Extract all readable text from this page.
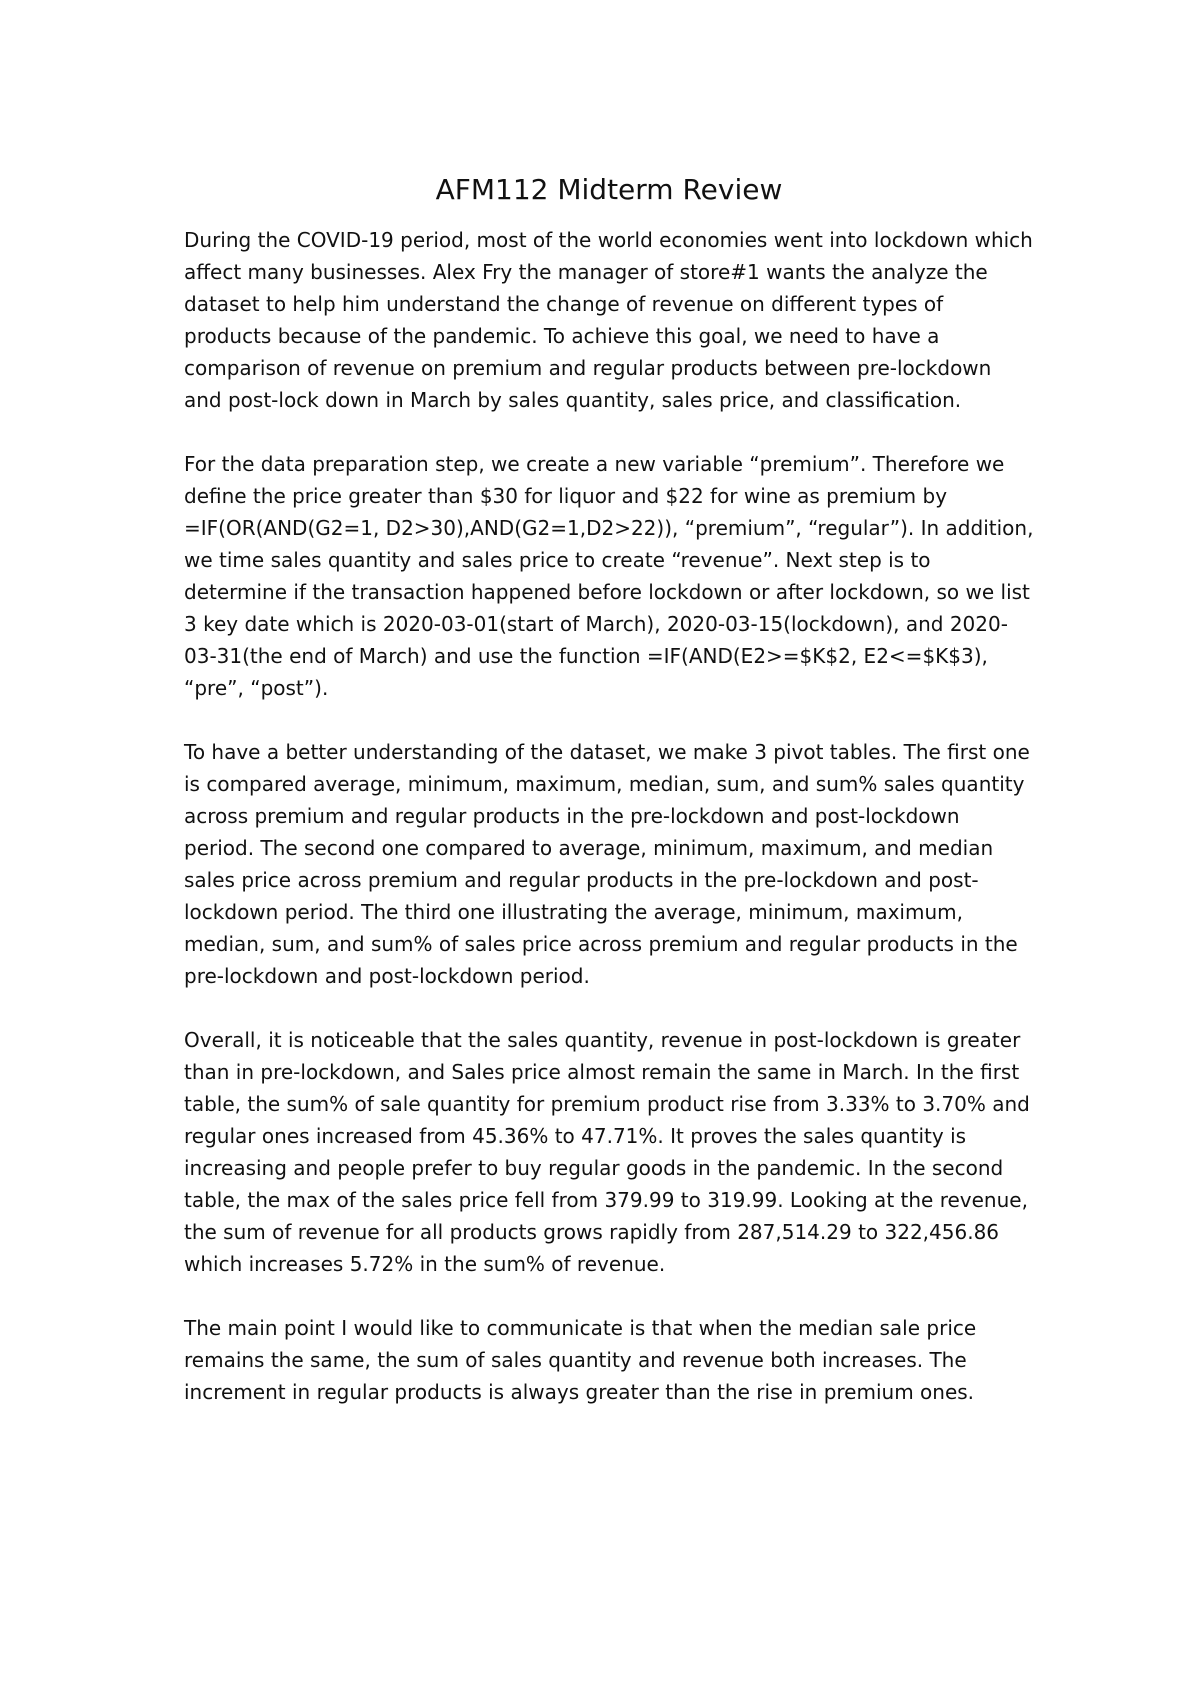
AFM112 Midterm Review

During the COVID-19 period, most of the world economies went into lockdown which affect many businesses. Alex Fry the manager of store#1 wants the analyze the dataset to help him understand the change of revenue on different types of products because of the pandemic. To achieve this goal, we need to have a comparison of revenue on premium and regular products between pre-lockdown and post-lock down in March by sales quantity, sales price, and classification.

For the data preparation step, we create a new variable “premium”. Therefore we define the price greater than $30 for liquor and $22 for wine as premium by =IF(OR(AND(G2=1, D2>30),AND(G2=1,D2>22)), “premium”, “regular”). In addition, we time sales quantity and sales price to create “revenue”. Next step is to determine if the transaction happened before lockdown or after lockdown, so we list 3 key date which is 2020-03-01(start of March), 2020-03-15(lockdown), and 2020-03-31(the end of March) and use the function =IF(AND(E2>=$K$2, E2<=$K$3), “pre”, “post”).

To have a better understanding of the dataset, we make 3 pivot tables. The first one is compared average, minimum, maximum, median, sum, and sum% sales quantity across premium and regular products in the pre-lockdown and post-lockdown period. The second one compared to average, minimum, maximum, and median sales price across premium and regular products in the pre-lockdown and post-lockdown period. The third one illustrating the average, minimum, maximum, median, sum, and sum% of sales price across premium and regular products in the pre-lockdown and post-lockdown period.

Overall, it is noticeable that the sales quantity, revenue in post-lockdown is greater than in pre-lockdown, and Sales price almost remain the same in March. In the first table, the sum% of sale quantity for premium product rise from 3.33% to 3.70% and regular ones increased from 45.36% to 47.71%. It proves the sales quantity is increasing and people prefer to buy regular goods in the pandemic. In the second table, the max of the sales price fell from 379.99 to 319.99. Looking at the revenue, the sum of revenue for all products grows rapidly from 287,514.29 to 322,456.86 which increases 5.72% in the sum% of revenue.

The main point I would like to communicate is that when the median sale price remains the same, the sum of sales quantity and revenue both increases. The increment in regular products is always greater than the rise in premium ones.
